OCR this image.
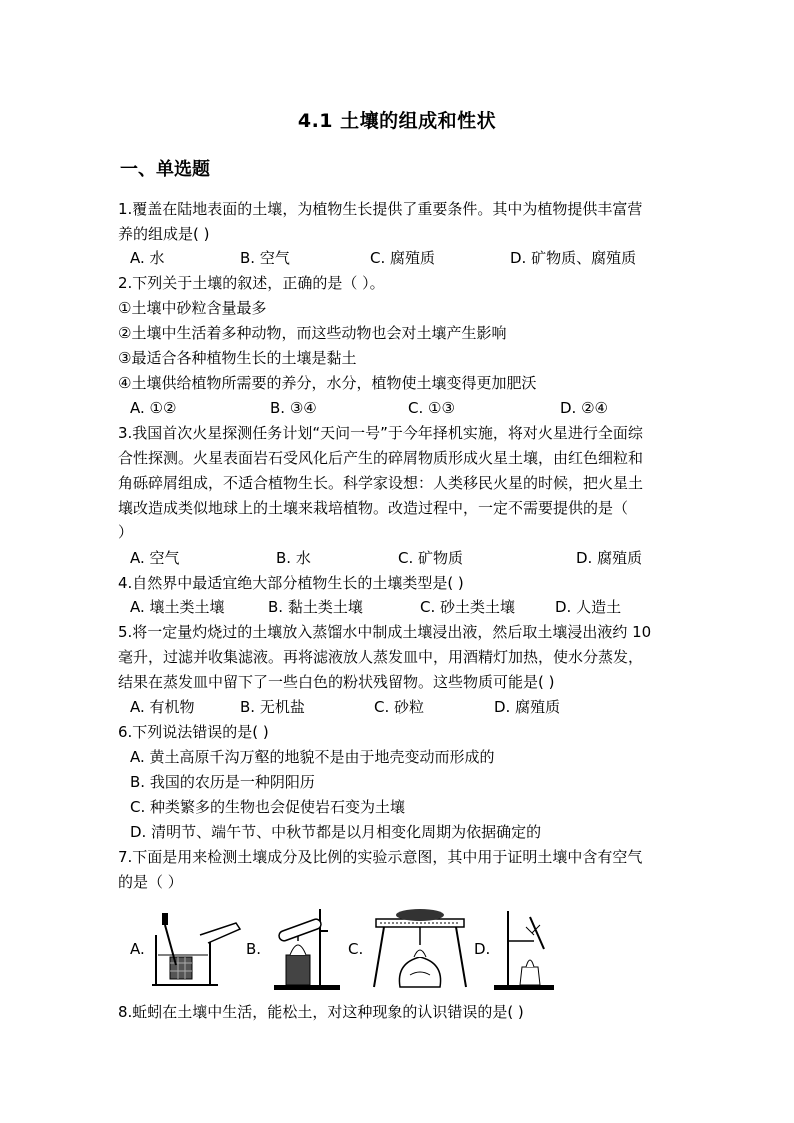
4.1 土壤的组成和性状
一、单选题
1.覆盖在陆地表面的土壤，为植物生长提供了重要条件。其中为植物提供丰富营
养的组成是( )
A. 水	B. 空气	C. 腐殖质	D. 矿物质、腐殖质
2.下列关于土壤的叙述，正确的是（ ）。
①土壤中砂粒含量最多
②土壤中生活着多种动物，而这些动物也会对土壤产生影响
③最适合各种植物生长的土壤是黏土
④土壤供给植物所需要的养分，水分，植物使土壤变得更加肥沃
A. ①②	B. ③④	C. ①③	D. ②④
3.我国首次火星探测任务计划“天问一号”于今年择机实施，将对火星进行全面综
合性探测。火星表面岩石受风化后产生的碎屑物质形成火星土壤，由红色细粒和
角砾碎屑组成，不适合植物生长。科学家设想：人类移民火星的时候，把火星土
壤改造成类似地球上的土壤来栽培植物。改造过程中，一定不需要提供的是（
）
A. 空气	B. 水	C. 矿物质	D. 腐殖质
4.自然界中最适宜绝大部分植物生长的土壤类型是( )
A. 壤土类土壤	B. 黏土类土壤	C. 砂土类土壤	D. 人造土
5.将一定量灼烧过的土壤放入蒸馏水中制成土壤浸出液，然后取土壤浸出液约 10
毫升，过滤并收集滤液。再将滤液放人蒸发皿中，用酒精灯加热，使水分蒸发，
结果在蒸发皿中留下了一些白色的粉状残留物。这些物质可能是( )
A. 有机物	B. 无机盐	C. 砂粒	D. 腐殖质
6.下列说法错误的是( )
A. 黄土高原千沟万壑的地貌不是由于地壳变动而形成的
B. 我国的农历是一种阴阳历
C. 种类繁多的生物也会促使岩石变为土壤
D. 清明节、端午节、中秋节都是以月相变化周期为依据确定的
7.下面是用来检测土壤成分及比例的实验示意图，其中用于证明土壤中含有空气
的是（ ）
A.	B.	C.	D.
8.蚯蚓在土壤中生活，能松土，对这种现象的认识错误的是( )
